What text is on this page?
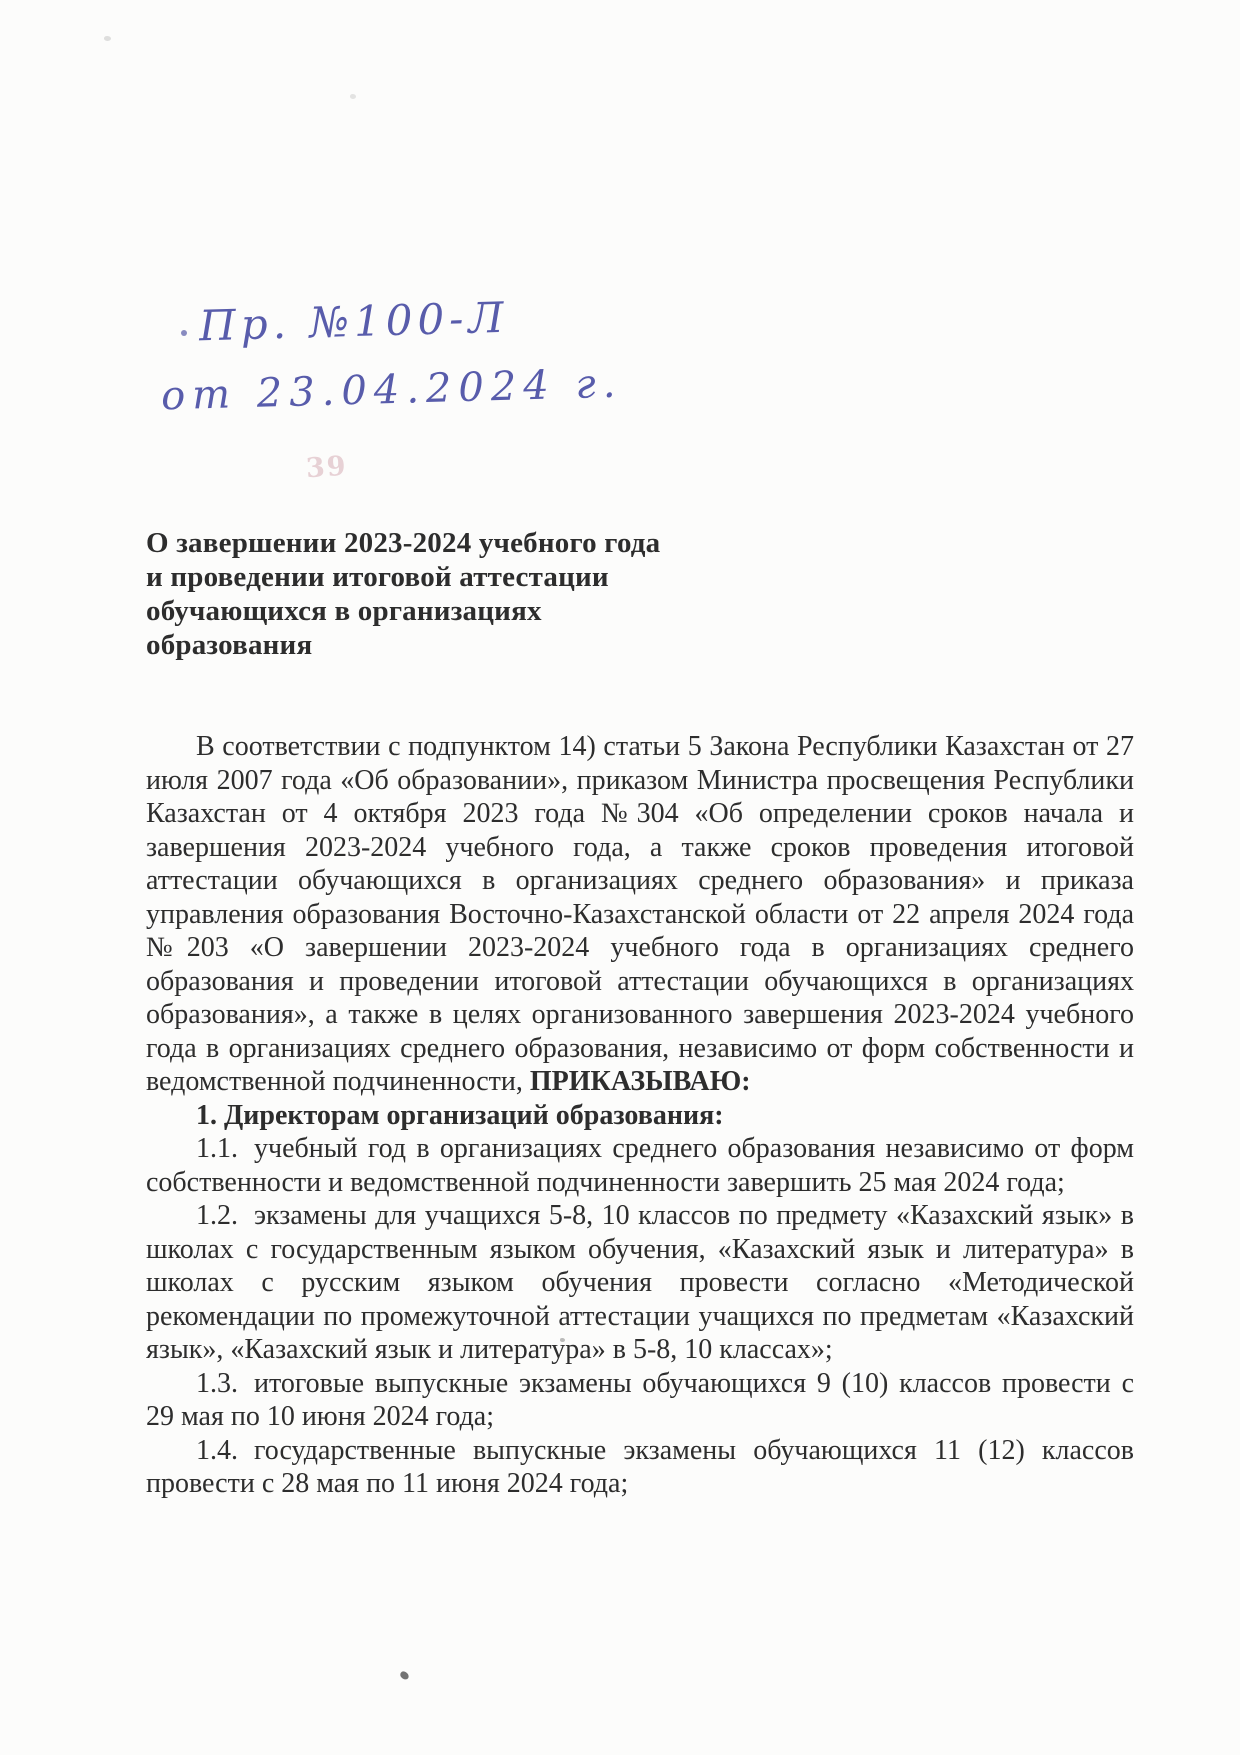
Пр. №100-Л
от 23.04.2024 г.
39
О завершении 2023-2024 учебного года
и проведении итоговой аттестации
обучающихся в организациях
образования

В соответствии с подпунктом 14) статьи 5 Закона Республики Казахстан от 27 июля 2007 года «Об образовании», приказом Министра просвещения Республики Казахстан от 4 октября 2023 года №304 «Об определении сроков начала и завершения 2023-2024 учебного года, а также сроков проведения итоговой аттестации обучающихся в организациях среднего образования» и приказа управления образования Восточно-Казахстанской области от 22 апреля 2024 года №203 «О завершении 2023-2024 учебного года в организациях среднего образования и проведении итоговой аттестации обучающихся в организациях образования», а также в целях организованного завершения 2023-2024 учебного года в организациях среднего образования, независимо от форм собственности и ведомственной подчиненности, ПРИКАЗЫВАЮ:

1. Директорам организаций образования:

1.1. учебный год в организациях среднего образования независимо от форм собственности и ведомственной подчиненности завершить 25 мая 2024 года;

1.2. экзамены для учащихся 5-8, 10 классов по предмету «Казахский язык» в школах с государственным языком обучения, «Казахский язык и литература» в школах с русским языком обучения провести согласно «Методической рекомендации по промежуточной аттестации учащихся по предметам «Казахский язык», «Казахский язык и литература» в 5-8, 10 классах»;

1.3. итоговые выпускные экзамены обучающихся 9 (10) классов провести с 29 мая по 10 июня 2024 года;

1.4. государственные выпускные экзамены обучающихся 11 (12) классов провести с 28 мая по 11 июня 2024 года;
